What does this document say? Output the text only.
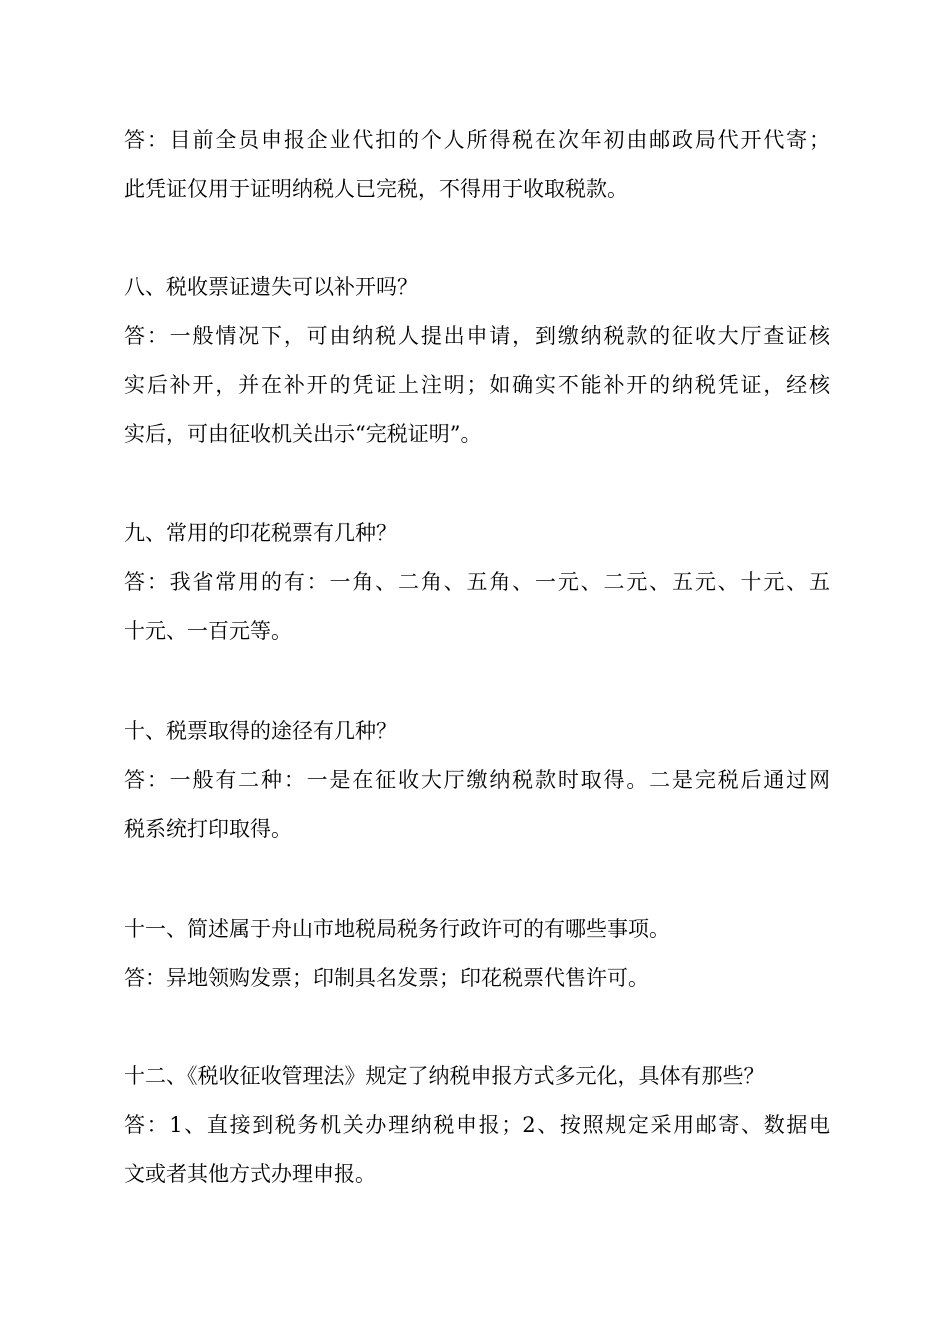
答：目前全员申报企业代扣的个人所得税在次年初由邮政局代开代寄；
此凭证仅用于证明纳税人已完税，不得用于收取税款。
八、税收票证遗失可以补开吗？
答：一般情况下，可由纳税人提出申请，到缴纳税款的征收大厅查证核
实后补开，并在补开的凭证上注明；如确实不能补开的纳税凭证，经核
实后，可由征收机关出示“完税证明”。
九、常用的印花税票有几种？
答：我省常用的有：一角、二角、五角、一元、二元、五元、十元、五
十元、一百元等。
十、税票取得的途径有几种？
答：一般有二种：一是在征收大厅缴纳税款时取得。二是完税后通过网
税系统打印取得。
十一、简述属于舟山市地税局税务行政许可的有哪些事项。
答：异地领购发票；印制具名发票；印花税票代售许可。
十二、《税收征收管理法》规定了纳税申报方式多元化，具体有那些？
答：1、直接到税务机关办理纳税申报；2、按照规定采用邮寄、数据电
文或者其他方式办理申报。
